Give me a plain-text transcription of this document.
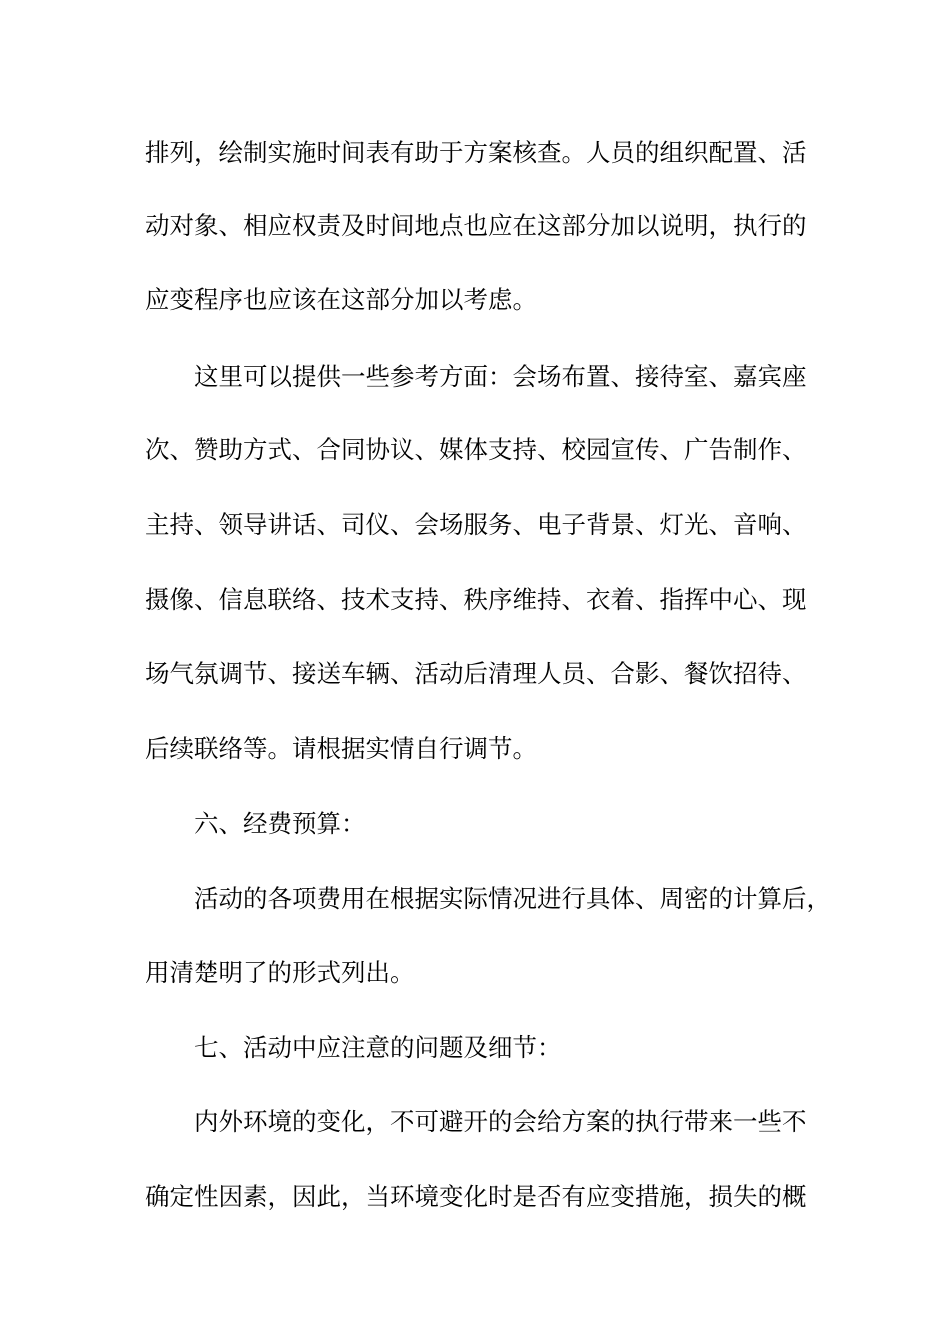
排列，绘制实施时间表有助于方案核查。人员的组织配置、活
动对象、相应权责及时间地点也应在这部分加以说明，执行的
应变程序也应该在这部分加以考虑。
这里可以提供一些参考方面：会场布置、接待室、嘉宾座
次、赞助方式、合同协议、媒体支持、校园宣传、广告制作、
主持、领导讲话、司仪、会场服务、电子背景、灯光、音响、
摄像、信息联络、技术支持、秩序维持、衣着、指挥中心、现
场气氛调节、接送车辆、活动后清理人员、合影、餐饮招待、
后续联络等。请根据实情自行调节。
六、经费预算：
活动的各项费用在根据实际情况进行具体、周密的计算后，
用清楚明了的形式列出。
七、活动中应注意的问题及细节：
内外环境的变化，不可避开的会给方案的执行带来一些不
确定性因素，因此，当环境变化时是否有应变措施，损失的概
